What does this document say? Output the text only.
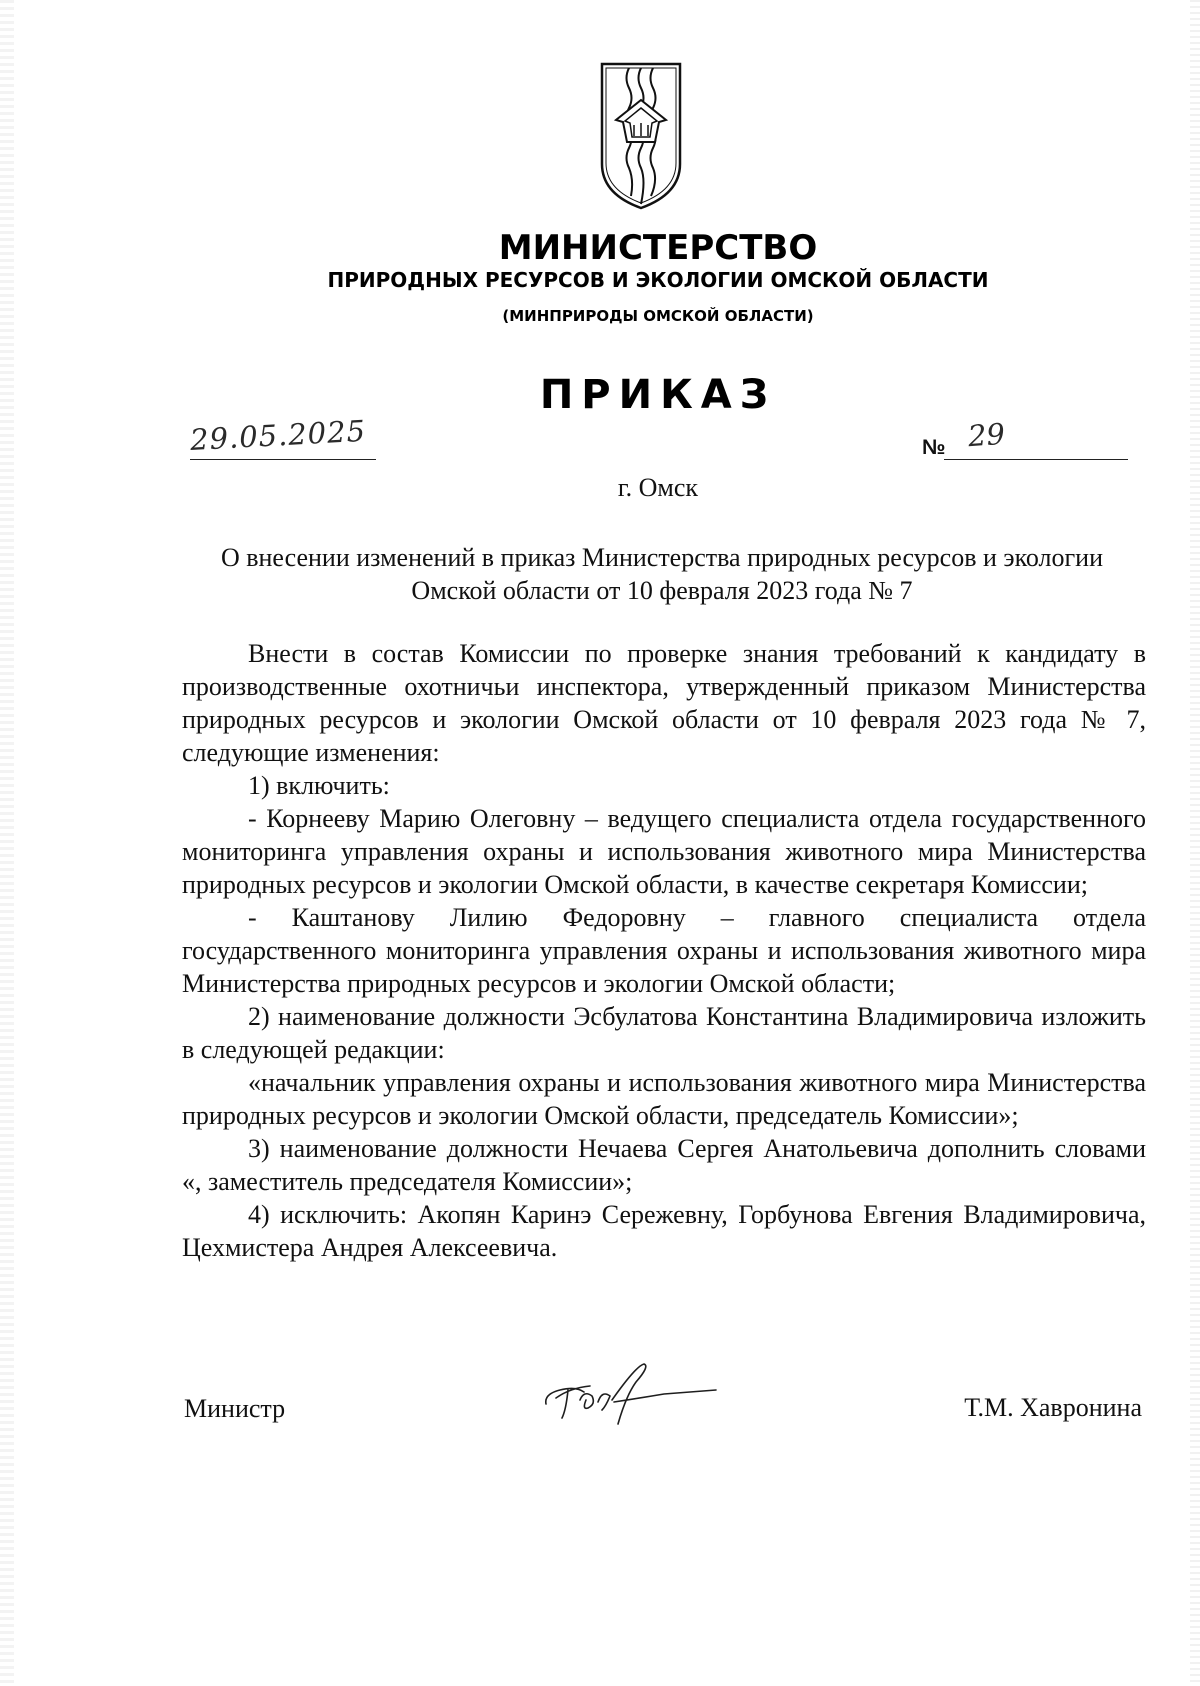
МИНИСТЕРСТВО
ПРИРОДНЫХ РЕСУРСОВ И ЭКОЛОГИИ ОМСКОЙ ОБЛАСТИ
(МИНПРИРОДЫ ОМСКОЙ ОБЛАСТИ)
ПРИКАЗ
29.05.2025	№ 29
г. Омск
О внесении изменений в приказ Министерства природных ресурсов и экологии Омской области от 10 февраля 2023 года № 7

Внести в состав Комиссии по проверке знания требований к кандидату в производственные охотничьи инспектора, утвержденный приказом Министерства природных ресурсов и экологии Омской области от 10 февраля 2023 года № 7, следующие изменения:

1) включить:

- Корнееву Марию Олеговну – ведущего специалиста отдела государственного мониторинга управления охраны и использования животного мира Министерства природных ресурсов и экологии Омской области, в качестве секретаря Комиссии;

- Каштанову Лилию Федоровну – главного специалиста отдела государственного мониторинга управления охраны и использования животного мира Министерства природных ресурсов и экологии Омской области;

2) наименование должности Эсбулатова Константина Владимировича изложить в следующей редакции:

«начальник управления охраны и использования животного мира Министерства природных ресурсов и экологии Омской области, председатель Комиссии»;

3) наименование должности Нечаева Сергея Анатольевича дополнить словами «, заместитель председателя Комиссии»;

4) исключить: Акопян Каринэ Сережевну, Горбунова Евгения Владимировича, Цехмистера Андрея Алексеевича.

Министр	Т.М. Хавронина
